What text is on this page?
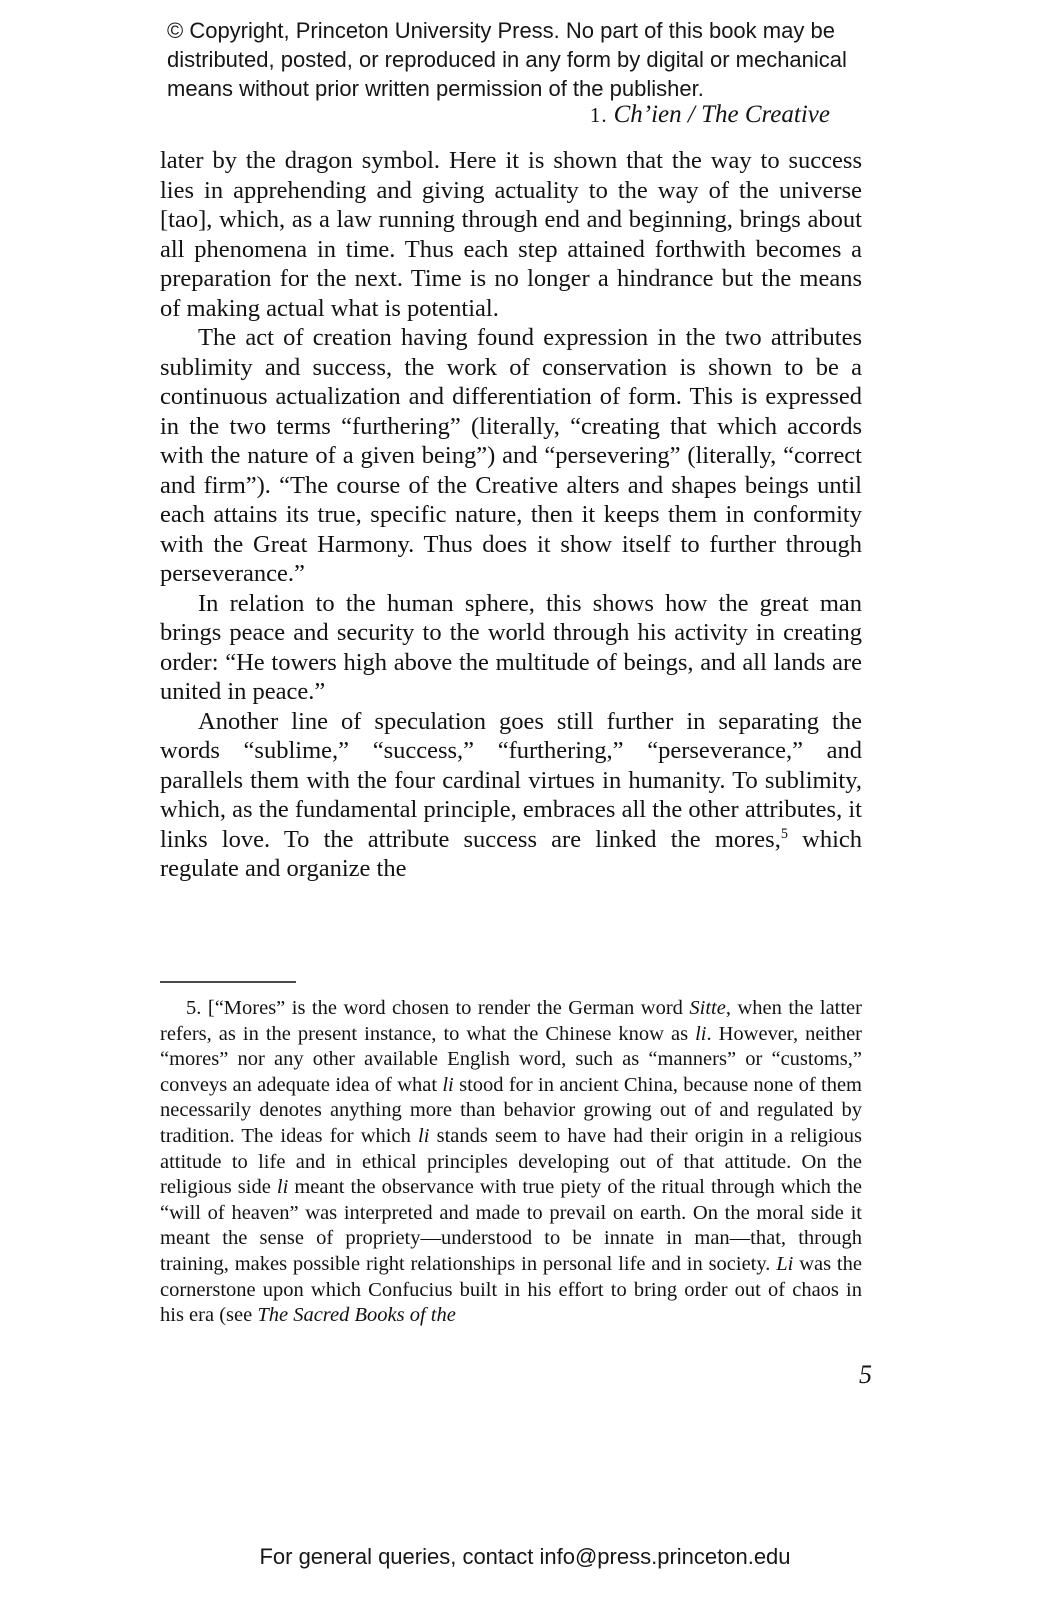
© Copyright, Princeton University Press. No part of this book may be distributed, posted, or reproduced in any form by digital or mechanical means without prior written permission of the publisher.
1. Ch’ien / The Creative

later by the dragon symbol. Here it is shown that the way to success lies in apprehending and giving actuality to the way of the universe [tao], which, as a law running through end and beginning, brings about all phenomena in time. Thus each step attained forthwith becomes a preparation for the next. Time is no longer a hindrance but the means of making actual what is potential.

The act of creation having found expression in the two attributes sublimity and success, the work of conservation is shown to be a continuous actualization and differentiation of form. This is expressed in the two terms “furthering” (literally, “creating that which accords with the nature of a given being”) and “persevering” (literally, “correct and firm”). “The course of the Creative alters and shapes beings until each attains its true, specific nature, then it keeps them in conformity with the Great Harmony. Thus does it show itself to further through perseverance.”

In relation to the human sphere, this shows how the great man brings peace and security to the world through his activity in creating order: “He towers high above the multitude of beings, and all lands are united in peace.”

Another line of speculation goes still further in separating the words “sublime,” “success,” “furthering,” “perseverance,” and parallels them with the four cardinal virtues in humanity. To sublimity, which, as the fundamental principle, embraces all the other attributes, it links love. To the attribute success are linked the mores,$^5$ which regulate and organize the

5. [“Mores” is the word chosen to render the German word Sitte, when the latter refers, as in the present instance, to what the Chinese know as li. However, neither “mores” nor any other available English word, such as “manners” or “customs,” conveys an adequate idea of what li stood for in ancient China, because none of them necessarily denotes anything more than behavior growing out of and regulated by tradition. The ideas for which li stands seem to have had their origin in a religious attitude to life and in ethical principles developing out of that attitude. On the religious side li meant the observance with true piety of the ritual through which the “will of heaven” was interpreted and made to prevail on earth. On the moral side it meant the sense of propriety—understood to be innate in man—that, through training, makes possible right relationships in personal life and in society. Li was the cornerstone upon which Confucius built in his effort to bring order out of chaos in his era (see The Sacred Books of the
5
For general queries, contact info@press.princeton.edu
